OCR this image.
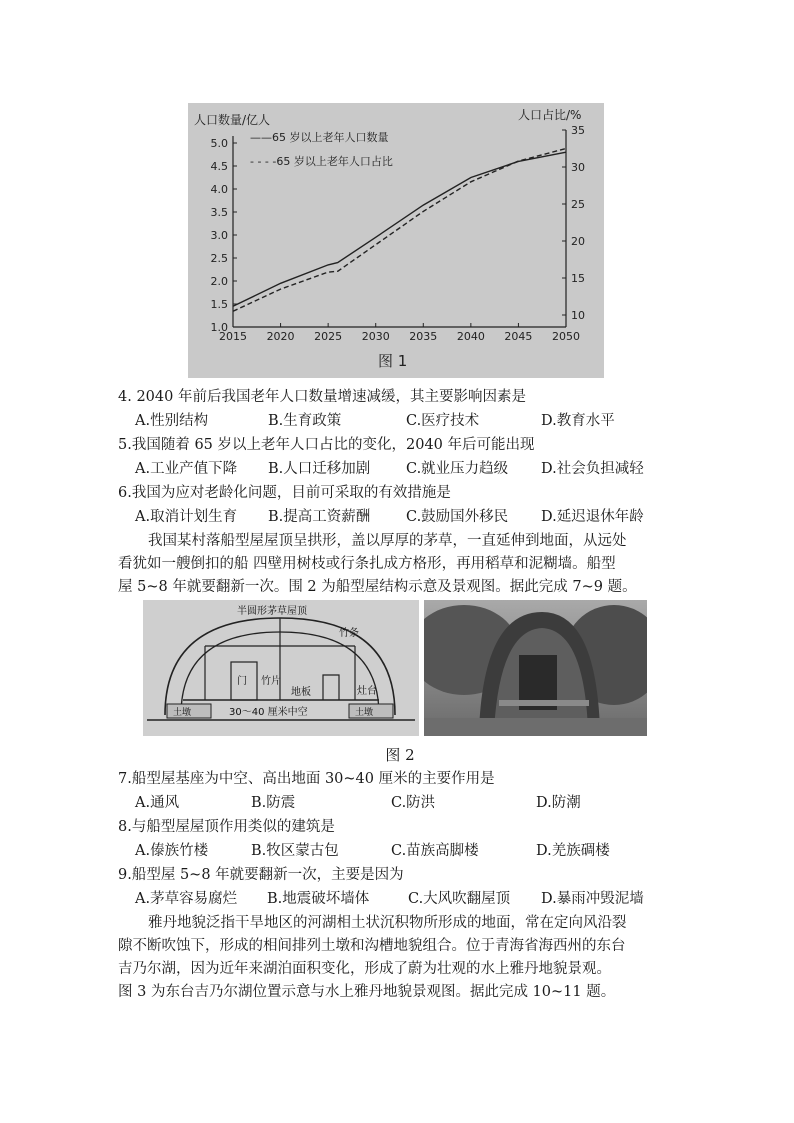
人口数量/亿人	人口占比/%
2015 2020 2025 2030 2035 2040 2045 2050
5.0
4.5
4.0
3.5
3.0
2.5
2.0
1.5
1.0
35
30
25
20
15
10
——65 岁以上老年人口数量
- - - -65 岁以上老年人口占比
图 1
4. 2040 年前后我国老年人口数量增速减缓，其主要影响因素是
A.性别结构	B.生育政策	C.医疗技术	D.教育水平
5.我国随着 65 岁以上老年人口占比的变化，2040 年后可能出现
A.工业产值下降 B.人口迁移加剧 C.就业压力趋级 D.社会负担减轻
6.我国为应对老龄化问题，目前可采取的有效措施是
A.取消计划生育 B.提高工资薪酬 C.鼓励国外移民 D.延迟退休年龄
我国某村落船型屋屋顶呈拱形，盖以厚厚的茅草，一直延伸到地面，从远处
看犹如一艘倒扣的船 四壁用树枝或行条扎成方格形，再用稻草和泥糊墙。船型
屋 5~8 年就要翻新一次。围 2 为船型屋结构示意及景观图。据此完成 7~9 题。
半圆形茅草屋顶
竹条
门 竹片
地板	灶台
土墩	土墩
30～40 厘米中空
图 2
7.船型屋基座为中空、高出地面 30~40 厘米的主要作用是
A.通风	B.防震	C.防洪	D.防潮
8.与船型屋屋顶作用类似的建筑是
A.傣族竹楼	B.牧区蒙古包	C.苗族高脚楼	D.羌族碉楼
9.船型屋 5~8 年就要翻新一次，主要是因为
A.茅草容易腐烂 B.地震破坏墙体	C.大风吹翻屋顶 D.暴雨冲毁泥墙
雅丹地貌泛指干旱地区的河湖相土状沉积物所形成的地面，常在定向风沿裂
隙不断吹蚀下，形成的相间排列土墩和沟槽地貌组合。位于青海省海西州的东台
吉乃尔湖，因为近年来湖泊面积变化，形成了蔚为壮观的水上雅丹地貌景观。
图 3 为东台吉乃尔湖位置示意与水上雅丹地貌景观图。据此完成 10~11 题。
